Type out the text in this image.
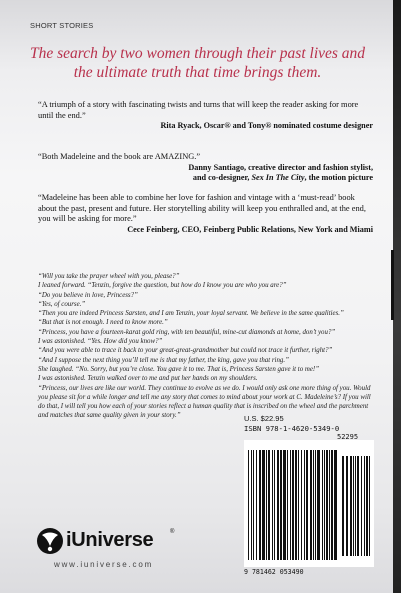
SHORT STORIES
The search by two women through their past lives and the ultimate truth that time brings them.
“A triumph of a story with fascinating twists and turns that will keep the reader asking for more until the end.”
Rita Ryack, Oscar® and Tony® nominated costume designer
“Both Madeleine and the book are AMAZING.”
Danny Santiago, creative director and fashion stylist,
and co-designer, Sex In The City, the motion picture
“Madeleine has been able to combine her love for fashion and vintage with a ‘must-read’ book about the past, present and future. Her storytelling ability will keep you enthralled and, at the end, you will be asking for more.”
Cece Feinberg, CEO, Feinberg Public Relations, New York and Miami

“Will you take the prayer wheel with you, please?”

I leaned forward. “Tenzin, forgive the question, but how do I know you are who you are?”

“Do you believe in love, Princess?”

“Yes, of course.”

“Then you are indeed Princess Sarsten, and I am Tenzin, your loyal servant. We believe in the same qualities.”

“But that is not enough. I need to know more.”

“Princess, you have a fourteen-karat gold ring, with ten beautiful, mine-cut diamonds at home, don’t you?”

I was astonished. “Yes. How did you know?”

“And you were able to trace it back to your great-great-grandmother but could not trace it further, right?”

“And I suppose the next thing you’ll tell me is that my father, the king, gave you that ring.”

She laughed. “No. Sorry, but you’re close. You gave it to me. That is, Princess Sarsten gave it to me!”

I was astonished. Tenzin walked over to me and put her hands on my shoulders.

“Princess, our lives are like our world. They continue to evolve as we do. I would only ask one more thing of you. Would you please sit for a while longer and tell me any story that comes to mind about your work at C. Madeleine’s? If you will do that, I will tell you how each of your stories reflect a human quality that is inscribed on the wheel and the parchment and matches that same quality given in your story.”	U.S. $22.95
ISBN 978-1-4620-5349-0
52295
9 781462 053490
iUniverse	®
www.iuniverse.com
